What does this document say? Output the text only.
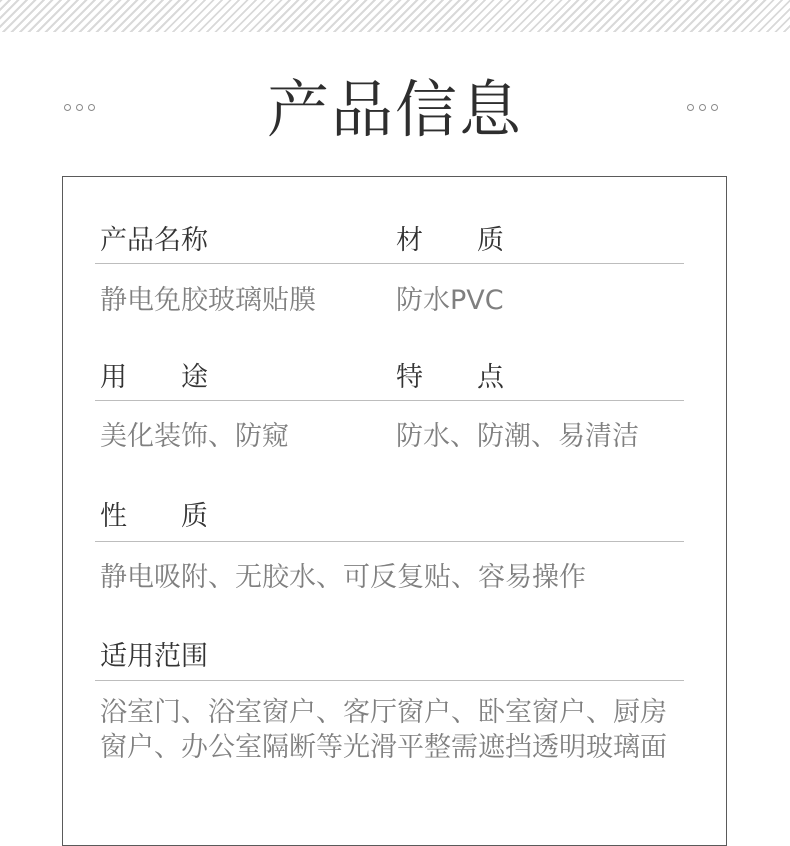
产品信息
产品名称	材　　质
静电免胶玻璃贴膜	防水PVC
用　　途	特　　点
美化装饰、防窥	防水、防潮、易清洁
性　　质
静电吸附、无胶水、可反复贴、容易操作
适用范围
浴室门、浴室窗户、客厅窗户、卧室窗户、厨房窗户、办公室隔断等光滑平整需遮挡透明玻璃面
